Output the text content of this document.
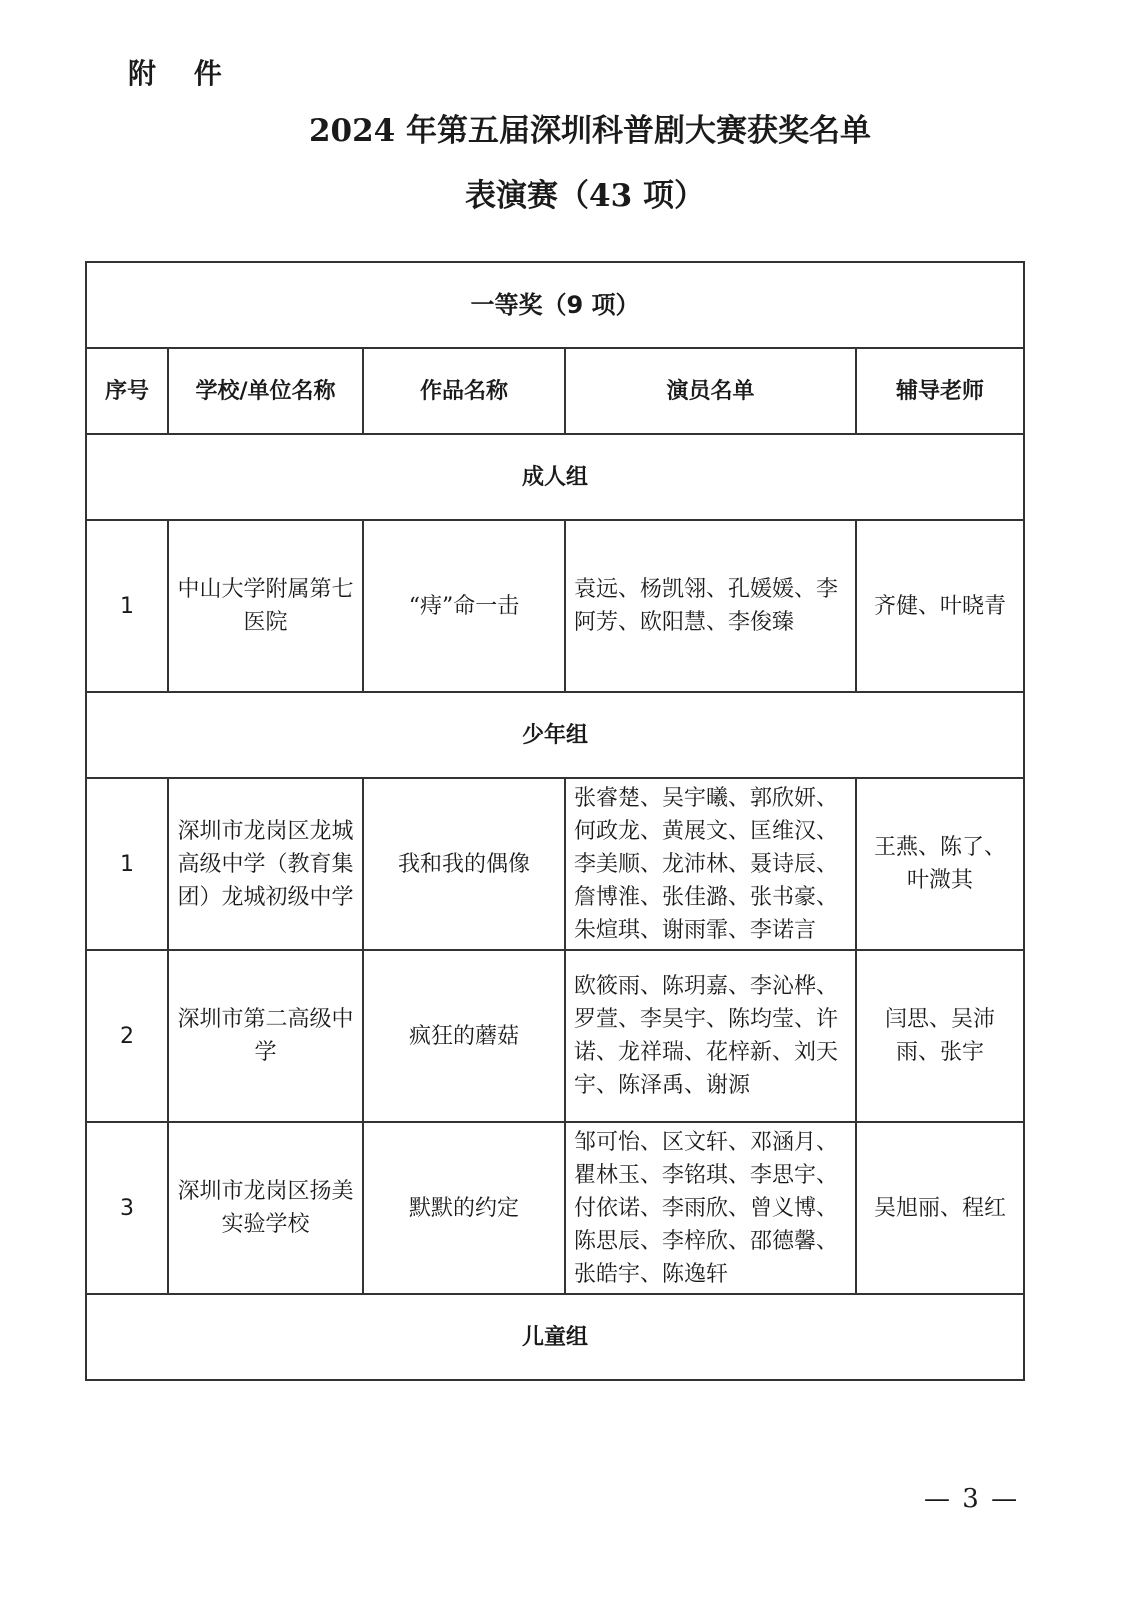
附 件
2024 年第五届深圳科普剧大赛获奖名单
表演赛（43 项）
一等奖（9 项）				
序号	学校/单位名称	作品名称	演员名单	辅导老师
成人组				
1	中山大学附属第七医院	“痔”命一击	袁远、杨凯翎、孔媛媛、李阿芳、欧阳慧、李俊臻	齐健、叶晓青
少年组				
1	深圳市龙岗区龙城高级中学（教育集团）龙城初级中学	我和我的偶像	张睿楚、吴宇曦、郭欣妍、何政龙、黄展文、匡维汉、李美顺、龙沛林、聂诗辰、詹博淮、张佳潞、张书豪、朱煊琪、谢雨霏、李诺言	王燕、陈了、叶溦其
2	深圳市第二高级中学	疯狂的蘑菇	欧筱雨、陈玥嘉、李沁桦、罗萱、李昊宇、陈均莹、许诺、龙祥瑞、花梓新、刘天宇、陈泽禹、谢源	闫思、吴沛雨、张宇
3	深圳市龙岗区扬美实验学校	默默的约定	邹可怡、区文轩、邓涵月、瞿林玉、李铭琪、李思宇、付依诺、李雨欣、曾义博、陈思辰、李梓欣、邵德馨、张皓宇、陈逸轩	吴旭丽、程红
儿童组				
— 3 —
